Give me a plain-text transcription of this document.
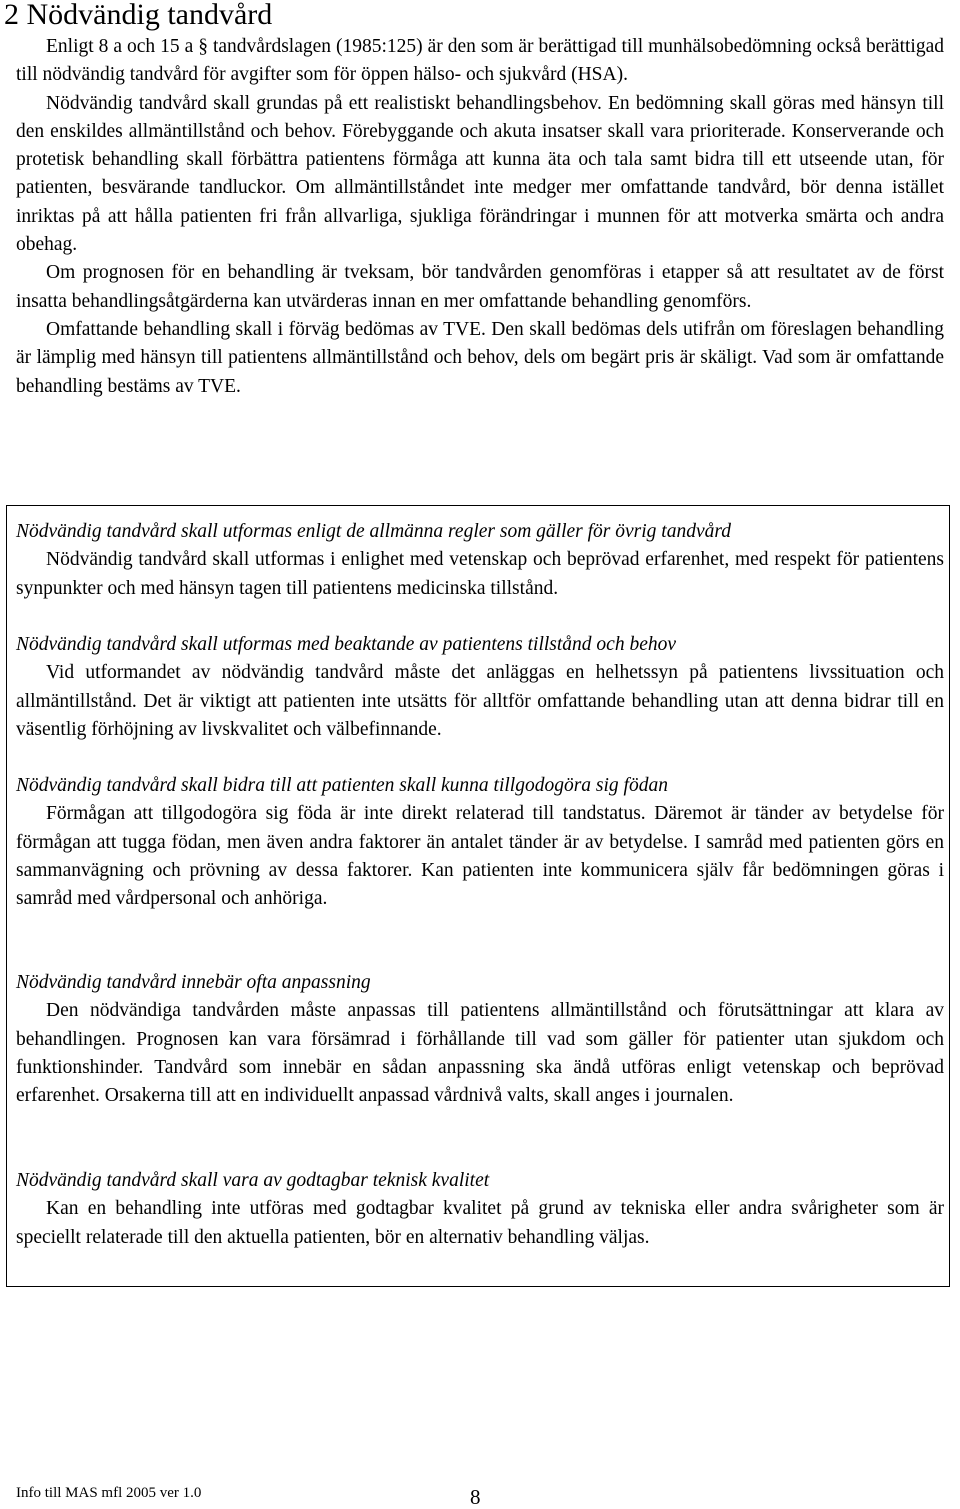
2 Nödvändig tandvård

Enligt 8 a och 15 a § tandvårdslagen (1985:125) är den som är berättigad till munhälsobedömning också berättigad till nödvändig tandvård för avgifter som för öppen hälso- och sjukvård (HSA).

Nödvändig tandvård skall grundas på ett realistiskt behandlingsbehov. En bedömning skall göras med hänsyn till den enskildes allmäntillstånd och behov. Förebyggande och akuta insatser skall vara prioriterade. Konserverande och protetisk behandling skall förbättra patientens förmåga att kunna äta och tala samt bidra till ett utseende utan, för patienten, besvärande tandluckor. Om allmäntillståndet inte medger mer omfattande tandvård, bör denna istället inriktas på att hålla patienten fri från allvarliga, sjukliga förändringar i munnen för att motverka smärta och andra obehag.

Om prognosen för en behandling är tveksam, bör tandvården genomföras i etapper så att resultatet av de först insatta behandlingsåtgärderna kan utvärderas innan en mer omfattande behandling genomförs.

Omfattande behandling skall i förväg bedömas av TVE. Den skall bedömas dels utifrån om föreslagen behandling är lämplig med hänsyn till patientens allmäntillstånd och behov, dels om begärt pris är skäligt. Vad som är omfattande behandling bestäms av TVE.

Nödvändig tandvård skall utformas enligt de allmänna regler som gäller för övrig tandvård

Nödvändig tandvård skall utformas i enlighet med vetenskap och beprövad erfarenhet, med respekt för patientens synpunkter och med hänsyn tagen till patientens medicinska tillstånd.

Nödvändig tandvård skall utformas med beaktande av patientens tillstånd och behov

Vid utformandet av nödvändig tandvård måste det anläggas en helhetssyn på patientens livssituation och allmäntillstånd. Det är viktigt att patienten inte utsätts för alltför omfattande behandling utan att denna bidrar till en väsentlig förhöjning av livskvalitet och välbefinnande.

Nödvändig tandvård skall bidra till att patienten skall kunna tillgodogöra sig födan

Förmågan att tillgodogöra sig föda är inte direkt relaterad till tandstatus. Däremot är tänder av betydelse för förmågan att tugga födan, men även andra faktorer än antalet tänder är av betydelse. I samråd med patienten görs en sammanvägning och prövning av dessa faktorer. Kan patienten inte kommunicera själv får bedömningen göras i samråd med vårdpersonal och anhöriga.

Nödvändig tandvård innebär ofta anpassning

Den nödvändiga tandvården måste anpassas till patientens allmäntillstånd och förutsättningar att klara av behandlingen. Prognosen kan vara försämrad i förhållande till vad som gäller för patienter utan sjukdom och funktionshinder. Tandvård som innebär en sådan anpassning ska ändå utföras enligt vetenskap och beprövad erfarenhet. Orsakerna till att en individuellt anpassad vårdnivå valts, skall anges i journalen.

Nödvändig tandvård skall vara av godtagbar teknisk kvalitet

Kan en behandling inte utföras med godtagbar kvalitet på grund av tekniska eller andra svårigheter som är speciellt relaterade till den aktuella patienten, bör en alternativ behandling väljas.

Info till MAS mfl 2005 ver 1.0	8
